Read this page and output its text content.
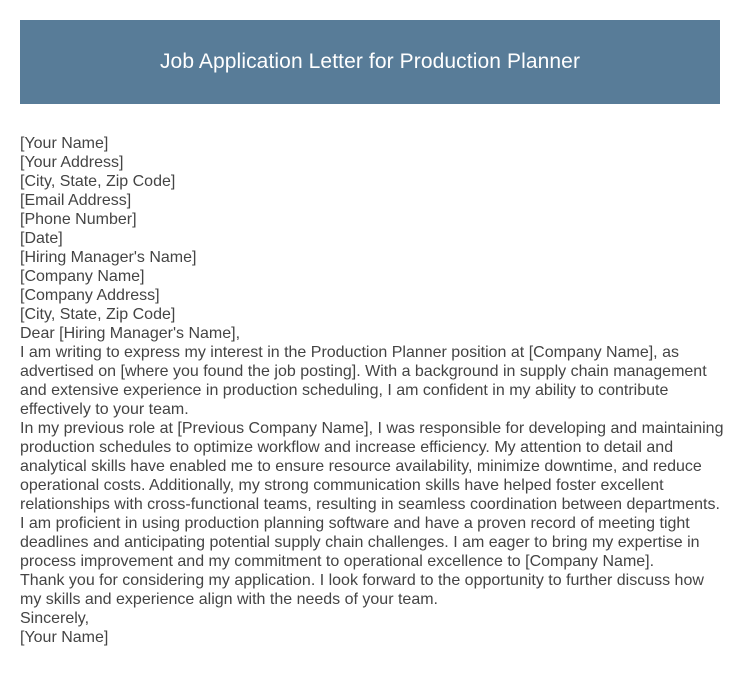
Job Application Letter for Production Planner
[Your Name]
[Your Address]
[City, State, Zip Code]
[Email Address]
[Phone Number]
[Date]
[Hiring Manager's Name]
[Company Name]
[Company Address]
[City, State, Zip Code]
Dear [Hiring Manager's Name],
I am writing to express my interest in the Production Planner position at [Company Name], as advertised on [where you found the job posting]. With a background in supply chain management and extensive experience in production scheduling, I am confident in my ability to contribute effectively to your team.
In my previous role at [Previous Company Name], I was responsible for developing and maintaining production schedules to optimize workflow and increase efficiency. My attention to detail and analytical skills have enabled me to ensure resource availability, minimize downtime, and reduce operational costs. Additionally, my strong communication skills have helped foster excellent relationships with cross-functional teams, resulting in seamless coordination between departments.
I am proficient in using production planning software and have a proven record of meeting tight deadlines and anticipating potential supply chain challenges. I am eager to bring my expertise in process improvement and my commitment to operational excellence to [Company Name].
Thank you for considering my application. I look forward to the opportunity to further discuss how my skills and experience align with the needs of your team.
Sincerely,
[Your Name]
